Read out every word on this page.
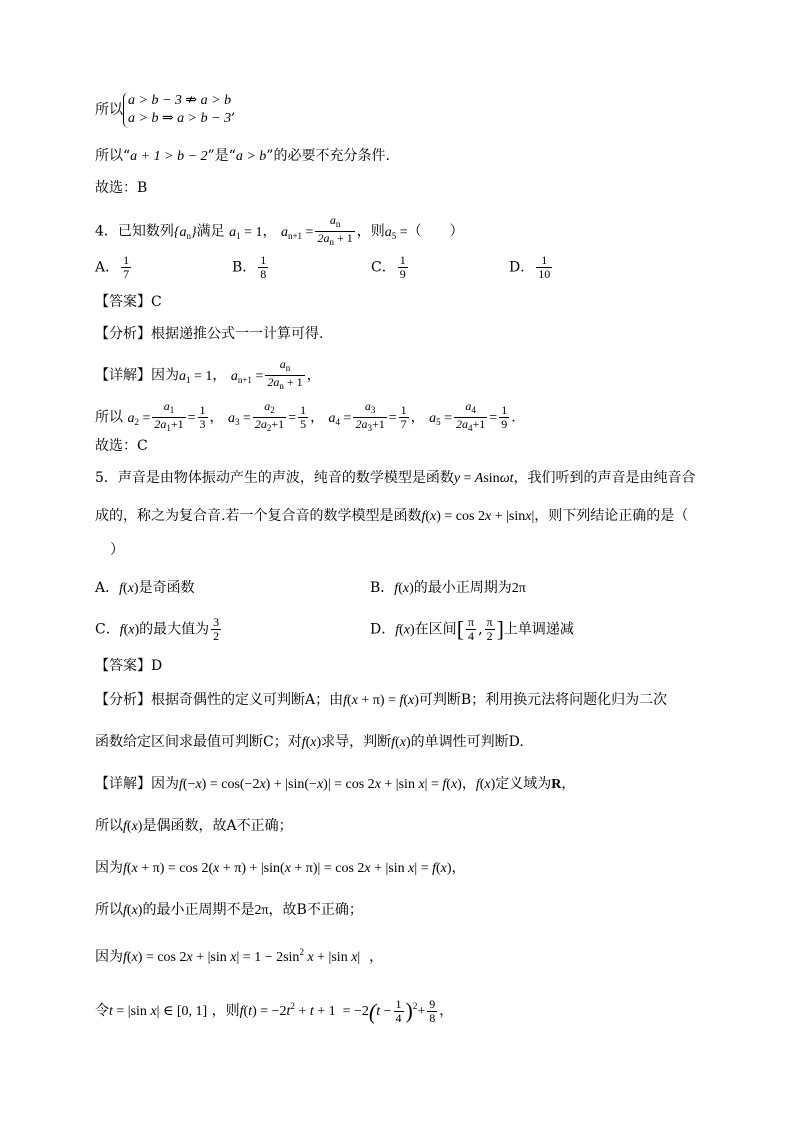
所以
a > b − 3 ⇏ a > b
a > b ⇒ a > b − 3
,
所以“a + 1 > b − 2”是“a > b”的必要不充分条件.
故选：B
4．已知数列$\{a_n\}$满足 $a_1 = 1$， $a_{n+1} = \frac{a_n}{2a_n + 1}$ ，则$a_5$ =（　　）
A． $\frac{1}{7}$	B． $\frac{1}{8}$	C． $\frac{1}{9}$	D． $\frac{1}{10}$
【答案】C
【分析】根据递推公式一一计算可得.
【详解】因为$a_1 = 1$， $a_{n+1} = \frac{a_n}{2a_n + 1}$ ，
所以 $a_2 = \frac{a_1}{2a_1+1} = \frac{1}{3}$ ， $a_3 = \frac{a_2}{2a_2+1} = \frac{1}{5}$ ， $a_4 = \frac{a_3}{2a_3+1} = \frac{1}{7}$ ， $a_5 = \frac{a_4}{2a_4+1} = \frac{1}{9}$ .
故选：C
5．声音是由物体振动产生的声波，纯音的数学模型是函数y = Asinωt，我们听到的声音是由纯音合
成的，称之为复合音.若一个复合音的数学模型是函数f(x) = cos 2x + |sinx|，则下列结论正确的是（
）
A．f(x)是奇函数	B．f(x)的最小正周期为2π
C．f(x)的最大值为 $\frac{3}{2}$	D．f(x)在区间[ $\frac{\pi}{4}$ , $\frac{\pi}{2}$ ]上单调递减
【答案】D
【分析】根据奇偶性的定义可判断A；由f(x + π) = f(x)可判断B；利用换元法将问题化归为二次
函数给定区间求最值可判断C；对f(x)求导，判断f(x)的单调性可判断D.
【详解】因为f(−x) = cos(−2x) + |sin(−x)| = cos 2x + |sin x| = f(x)，f(x)定义域为R，
所以f(x)是偶函数，故A不正确；
因为f(x + π) = cos 2(x + π) + |sin(x + π)| = cos 2x + |sin x| = f(x)，
所以f(x)的最小正周期不是2π，故B不正确；
因为f(x) = cos 2x + |sin $x| = 1 - 2\sin^2$ x + |sin x| ，
令t = |sin x| ∈ [0, 1] ，则$f(t) = -2t^2 + t + 1 = -2(t - \frac{1}{4} )^2+ \frac{9}{8}$ ，
